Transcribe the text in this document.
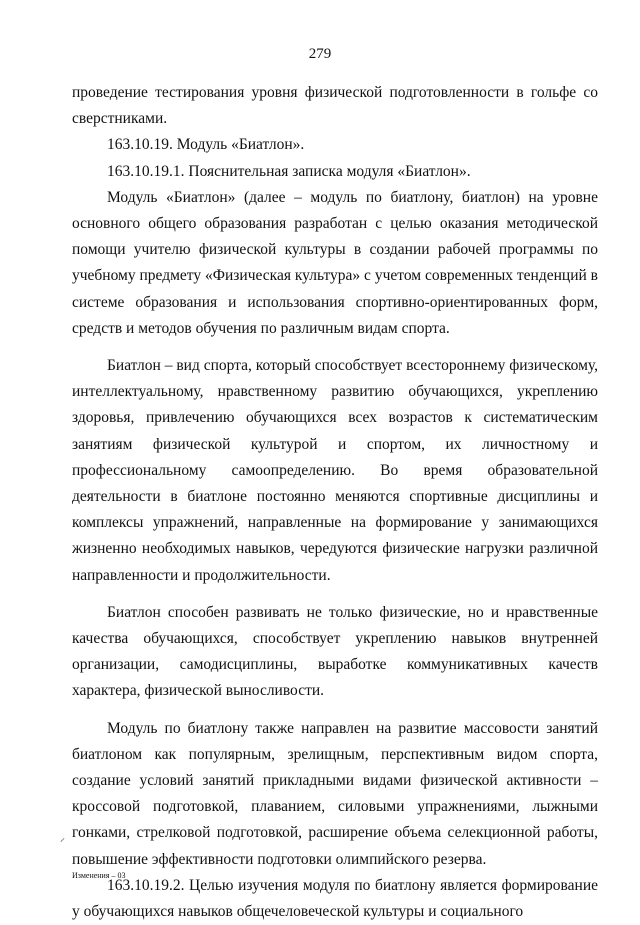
279

проведение тестирования уровня физической подготовленности в гольфе со сверстниками.

163.10.19. Модуль «Биатлон».

163.10.19.1. Пояснительная записка модуля «Биатлон».

Модуль «Биатлон» (далее – модуль по биатлону, биатлон) на уровне основного общего образования разработан с целью оказания методической помощи учителю физической культуры в создании рабочей программы по учебному предмету «Физическая культура» с учетом современных тенденций в системе образования и использования спортивно-ориентированных форм, средств и методов обучения по различным видам спорта.

Биатлон – вид спорта, который способствует всестороннему физическому, интеллектуальному, нравственному развитию обучающихся, укреплению здоровья, привлечению обучающихся всех возрастов к систематическим занятиям физической культурой и спортом, их личностному и профессиональному самоопределению. Во время образовательной деятельности в биатлоне постоянно меняются спортивные дисциплины и комплексы упражнений, направленные на формирование у занимающихся жизненно необходимых навыков, чередуются физические нагрузки различной направленности и продолжительности.

Биатлон способен развивать не только физические, но и нравственные качества обучающихся, способствует укреплению навыков внутренней организации, самодисциплины, выработке коммуникативных качеств характера, физической выносливости.

Модуль по биатлону также направлен на развитие массовости занятий биатлоном как популярным, зрелищным, перспективным видом спорта, создание условий занятий прикладными видами физической активности – кроссовой подготовкой, плаванием, силовыми упражнениями, лыжными гонками, стрелковой подготовкой, расширение объема селекционной работы, повышение эффективности подготовки олимпийского резерва.

163.10.19.2. Целью изучения модуля по биатлону является формирование у обучающихся навыков общечеловеческой культуры и социального

⸝
Изменения – 03
